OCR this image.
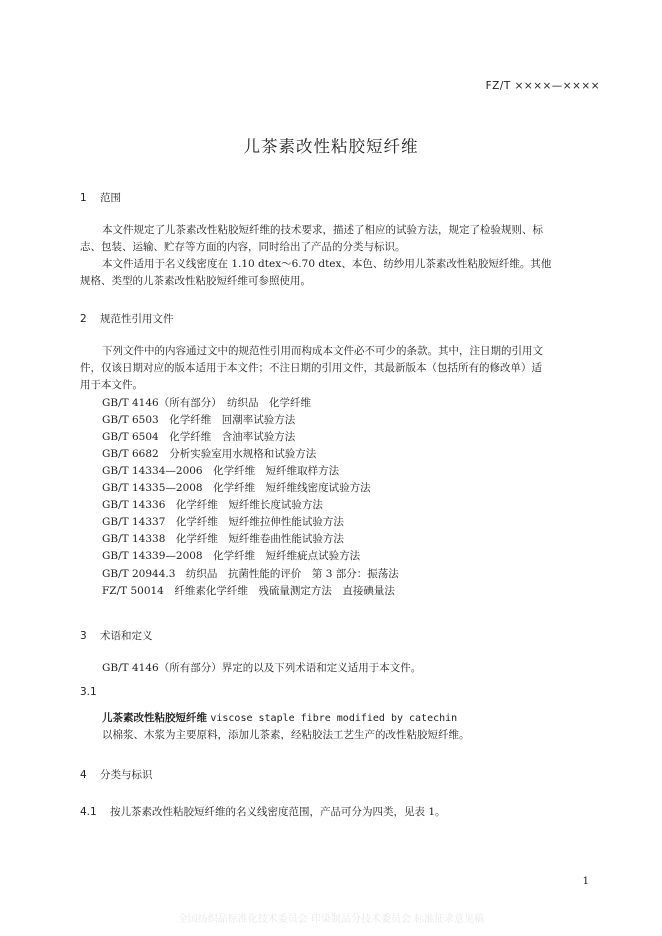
FZ/T ××××—××××
儿茶素改性粘胶短纤维
1 范围
本文件规定了儿茶素改性粘胶短纤维的技术要求，描述了相应的试验方法，规定了检验规则、标
志、包装、运输、贮存等方面的内容，同时给出了产品的分类与标识。
本文件适用于名义线密度在 1.10 dtex～6.70 dtex、本色、纺纱用儿茶素改性粘胶短纤维。其他
规格、类型的儿茶素改性粘胶短纤维可参照使用。
2 规范性引用文件
下列文件中的内容通过文中的规范性引用而构成本文件必不可少的条款。其中，注日期的引用文
件，仅该日期对应的版本适用于本文件；不注日期的引用文件，其最新版本（包括所有的修改单）适
用于本文件。
GB/T 4146（所有部分）　纺织品　化学纤维
GB/T 6503　化学纤维　回潮率试验方法
GB/T 6504　化学纤维　含油率试验方法
GB/T 6682　分析实验室用水规格和试验方法
GB/T 14334—2006　化学纤维　短纤维取样方法
GB/T 14335—2008　化学纤维　短纤维线密度试验方法
GB/T 14336　化学纤维　短纤维长度试验方法
GB/T 14337　化学纤维　短纤维拉伸性能试验方法
GB/T 14338　化学纤维　短纤维卷曲性能试验方法
GB/T 14339—2008　化学纤维　短纤维疵点试验方法
GB/T 20944.3　纺织品　抗菌性能的评价　第 3 部分：振荡法
FZ/T 50014　纤维素化学纤维　残硫量测定方法　直接碘量法
3 术语和定义
GB/T 4146（所有部分）界定的以及下列术语和定义适用于本文件。
3.1
儿茶素改性粘胶短纤维 viscose staple fibre modified by catechin
以棉浆、木浆为主要原料，添加儿茶素，经粘胶法工艺生产的改性粘胶短纤维。
4 分类与标识
4.1 按儿茶素改性粘胶短纤维的名义线密度范围，产品可分为四类，见表 1。
1
全国纺织品标准化技术委员会 印染制品分技术委员会 标准征求意见稿
